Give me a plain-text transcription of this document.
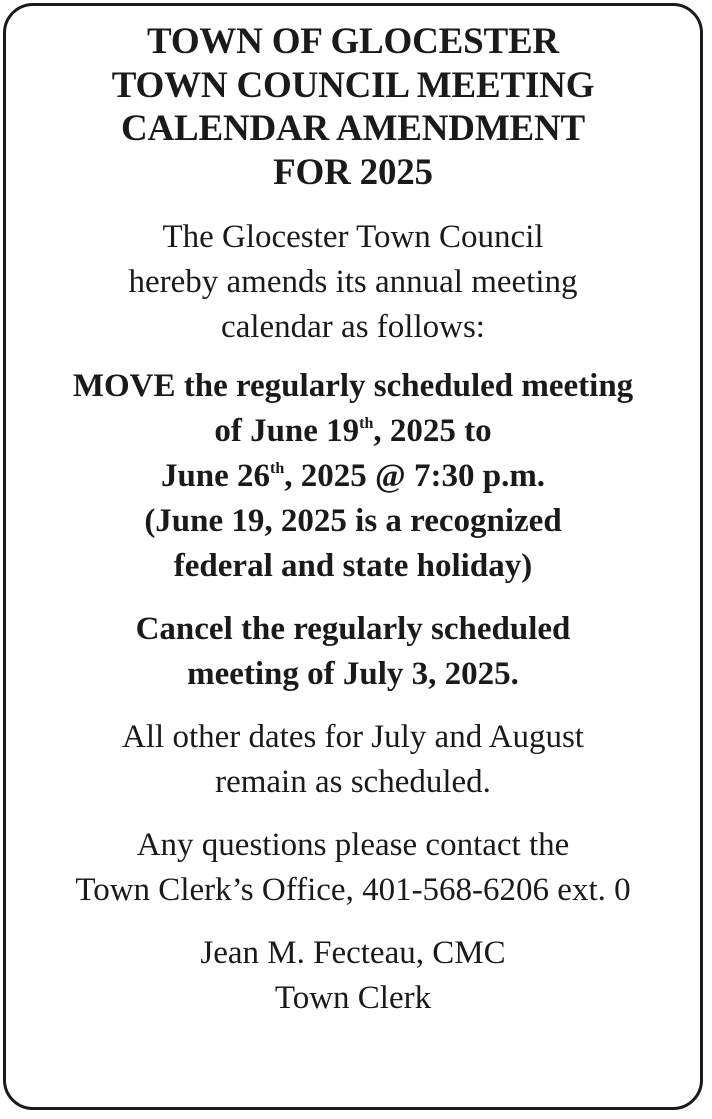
TOWN OF GLOCESTER
TOWN COUNCIL MEETING
CALENDAR AMENDMENT
FOR 2025
The Glocester Town Council
hereby amends its annual meeting
calendar as follows:
MOVE the regularly scheduled meeting
of June 19th, 2025 to
June 26th, 2025 @ 7:30 p.m.
(June 19, 2025 is a recognized
federal and state holiday)
Cancel the regularly scheduled
meeting of July 3, 2025.
All other dates for July and August
remain as scheduled.
Any questions please contact the
Town Clerk’s Office, 401-568-6206 ext. 0
Jean M. Fecteau, CMC
Town Clerk
